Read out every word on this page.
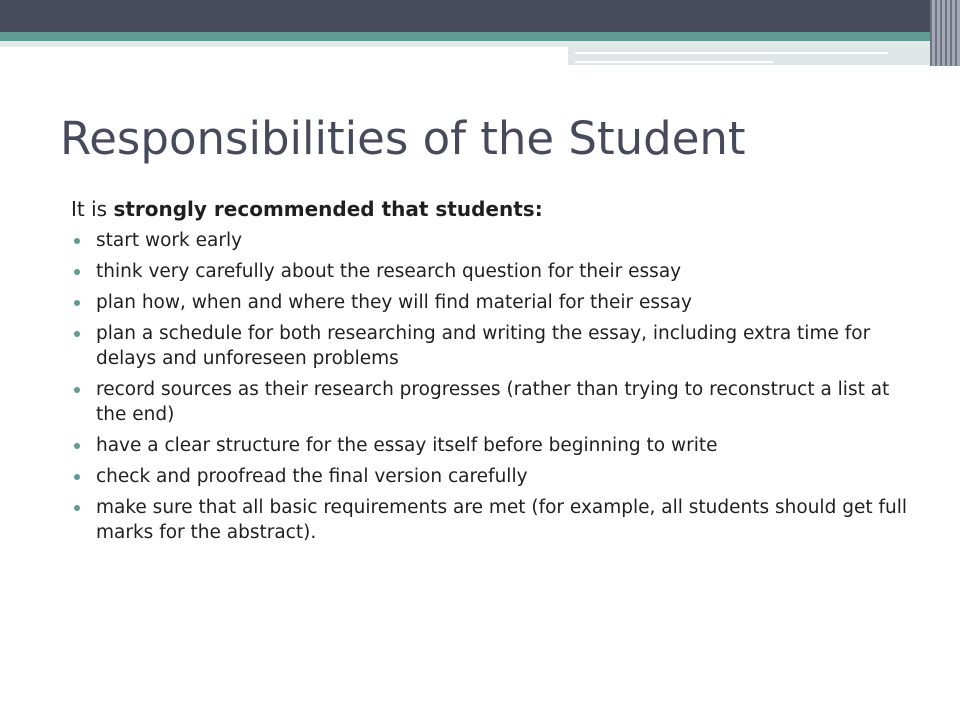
Responsibilities of the Student

It is strongly recommended that students:

start work early
think very carefully about the research question for their essay
plan how, when and where they will find material for their essay
plan a schedule for both researching and writing the essay, including extra time for delays and unforeseen problems
record sources as their research progresses (rather than trying to reconstruct a list at the end)
have a clear structure for the essay itself before beginning to write
check and proofread the final version carefully
make sure that all basic requirements are met (for example, all students should get full marks for the abstract).
